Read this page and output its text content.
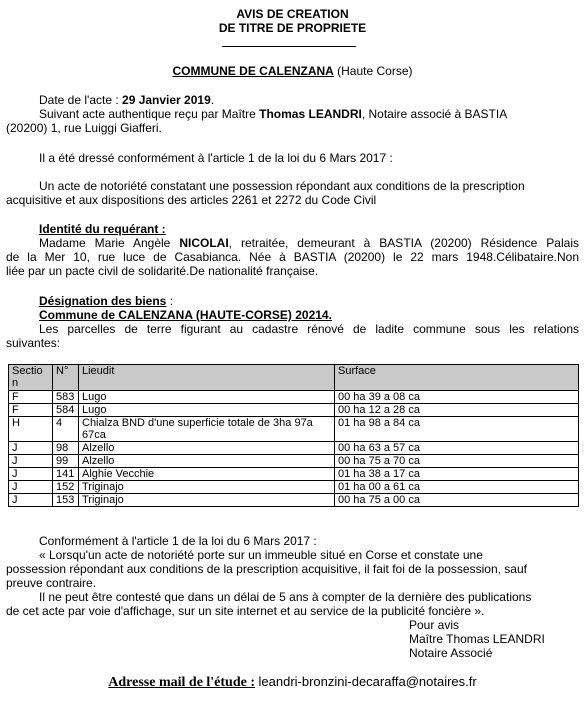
AVIS DE CREATION
DE TITRE DE PROPRIETE
COMMUNE DE CALENZANA (Haute Corse)
Date de l'acte : 29 Janvier 2019.
Suivant acte authentique reçu par Maître Thomas LEANDRI, Notaire associé à BASTIA
(20200) 1, rue Luiggi Giafferi.
Il a été dressé conformément à l'article 1 de la loi du 6 Mars 2017 :
Un acte de notoriété constatant une possession répondant aux conditions de la prescription
acquisitive et aux dispositions des articles 2261 et 2272 du Code Civil
Identité du requérant :
Madame Marie Angèle NICOLAI, retraitée, demeurant à BASTIA (20200) Résidence Palais
de la Mer 10, rue luce de Casabianca. Née à BASTIA (20200) le 22 mars 1948.Célibataire.Non
liée par un pacte civil de solidarité.De nationalité française.
Désignation des biens :
Commune de CALENZANA (HAUTE-CORSE) 20214.
Les parcelles de terre figurant au cadastre rénové de ladite commune sous les relations
suivantes:
Sectio
n	N°	Lieudit	Surface
F	583	Lugo	00 ha 39 a 08 ca
F	584	Lugo	00 ha 12 a 28 ca
H	4	Chialza BND d'une superficie totale de 3ha 97a
67ca	01 ha 98 a 84 ca
J	98	Alzello	00 ha 63 a 57 ca
J	99	Alzello	00 ha 75 a 70 ca
J	141	Alghie Vecchie	01 ha 38 a 17 ca
J	152	Triginajo	01 ha 00 a 61 ca
J	153	Triginajo	00 ha 75 a 00 ca
Conformément à l'article 1 de la loi du 6 Mars 2017 :
« Lorsqu'un acte de notoriété porte sur un immeuble situé en Corse et constate une
possession répondant aux conditions de la prescription acquisitive, il fait foi de la possession, sauf
preuve contraire.
Il ne peut être contesté que dans un délai de 5 ans à compter de la dernière des publications
de cet acte par voie d'affichage, sur un site internet et au service de la publicité foncière ».
Pour avis
Maître Thomas LEANDRI
Notaire Associé
Adresse mail de l'étude : leandri-bronzini-decaraffa@notaires.fr
